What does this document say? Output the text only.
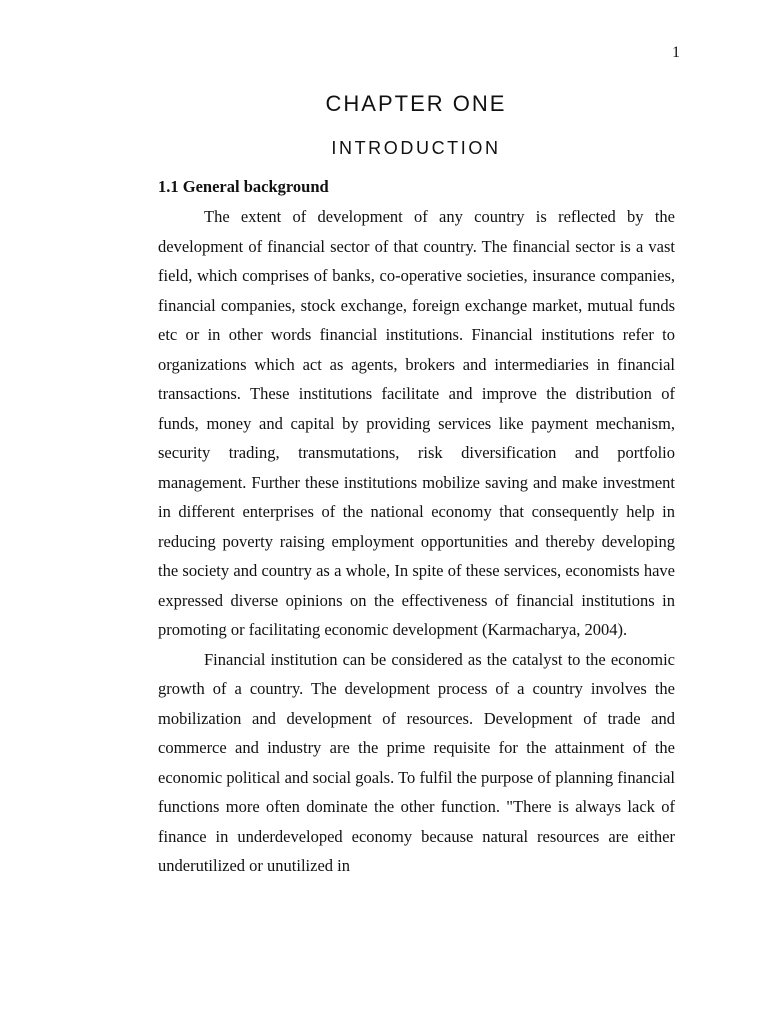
1
CHAPTER ONE
INTRODUCTION
1.1 General background

The extent of development of any country is reflected by the development of financial sector of that country. The financial sector is a vast field, which comprises of banks, co-operative societies, insurance companies, financial companies, stock exchange, foreign exchange market, mutual funds etc or in other words financial institutions. Financial institutions refer to organizations which act as agents, brokers and intermediaries in financial transactions. These institutions facilitate and improve the distribution of funds, money and capital by providing services like payment mechanism, security trading, transmutations, risk diversification and portfolio management. Further these institutions mobilize saving and make investment in different enterprises of the national economy that consequently help in reducing poverty raising employment opportunities and thereby developing the society and country as a whole, In spite of these services, economists have expressed diverse opinions on the effectiveness of financial institutions in promoting or facilitating economic development (Karmacharya, 2004).

Financial institution can be considered as the catalyst to the economic growth of a country. The development process of a country involves the mobilization and development of resources. Development of trade and commerce and industry are the prime requisite for the attainment of the economic political and social goals. To fulfil the purpose of planning financial functions more often dominate the other function. "There is always lack of finance in underdeveloped economy because natural resources are either underutilized or unutilized in
